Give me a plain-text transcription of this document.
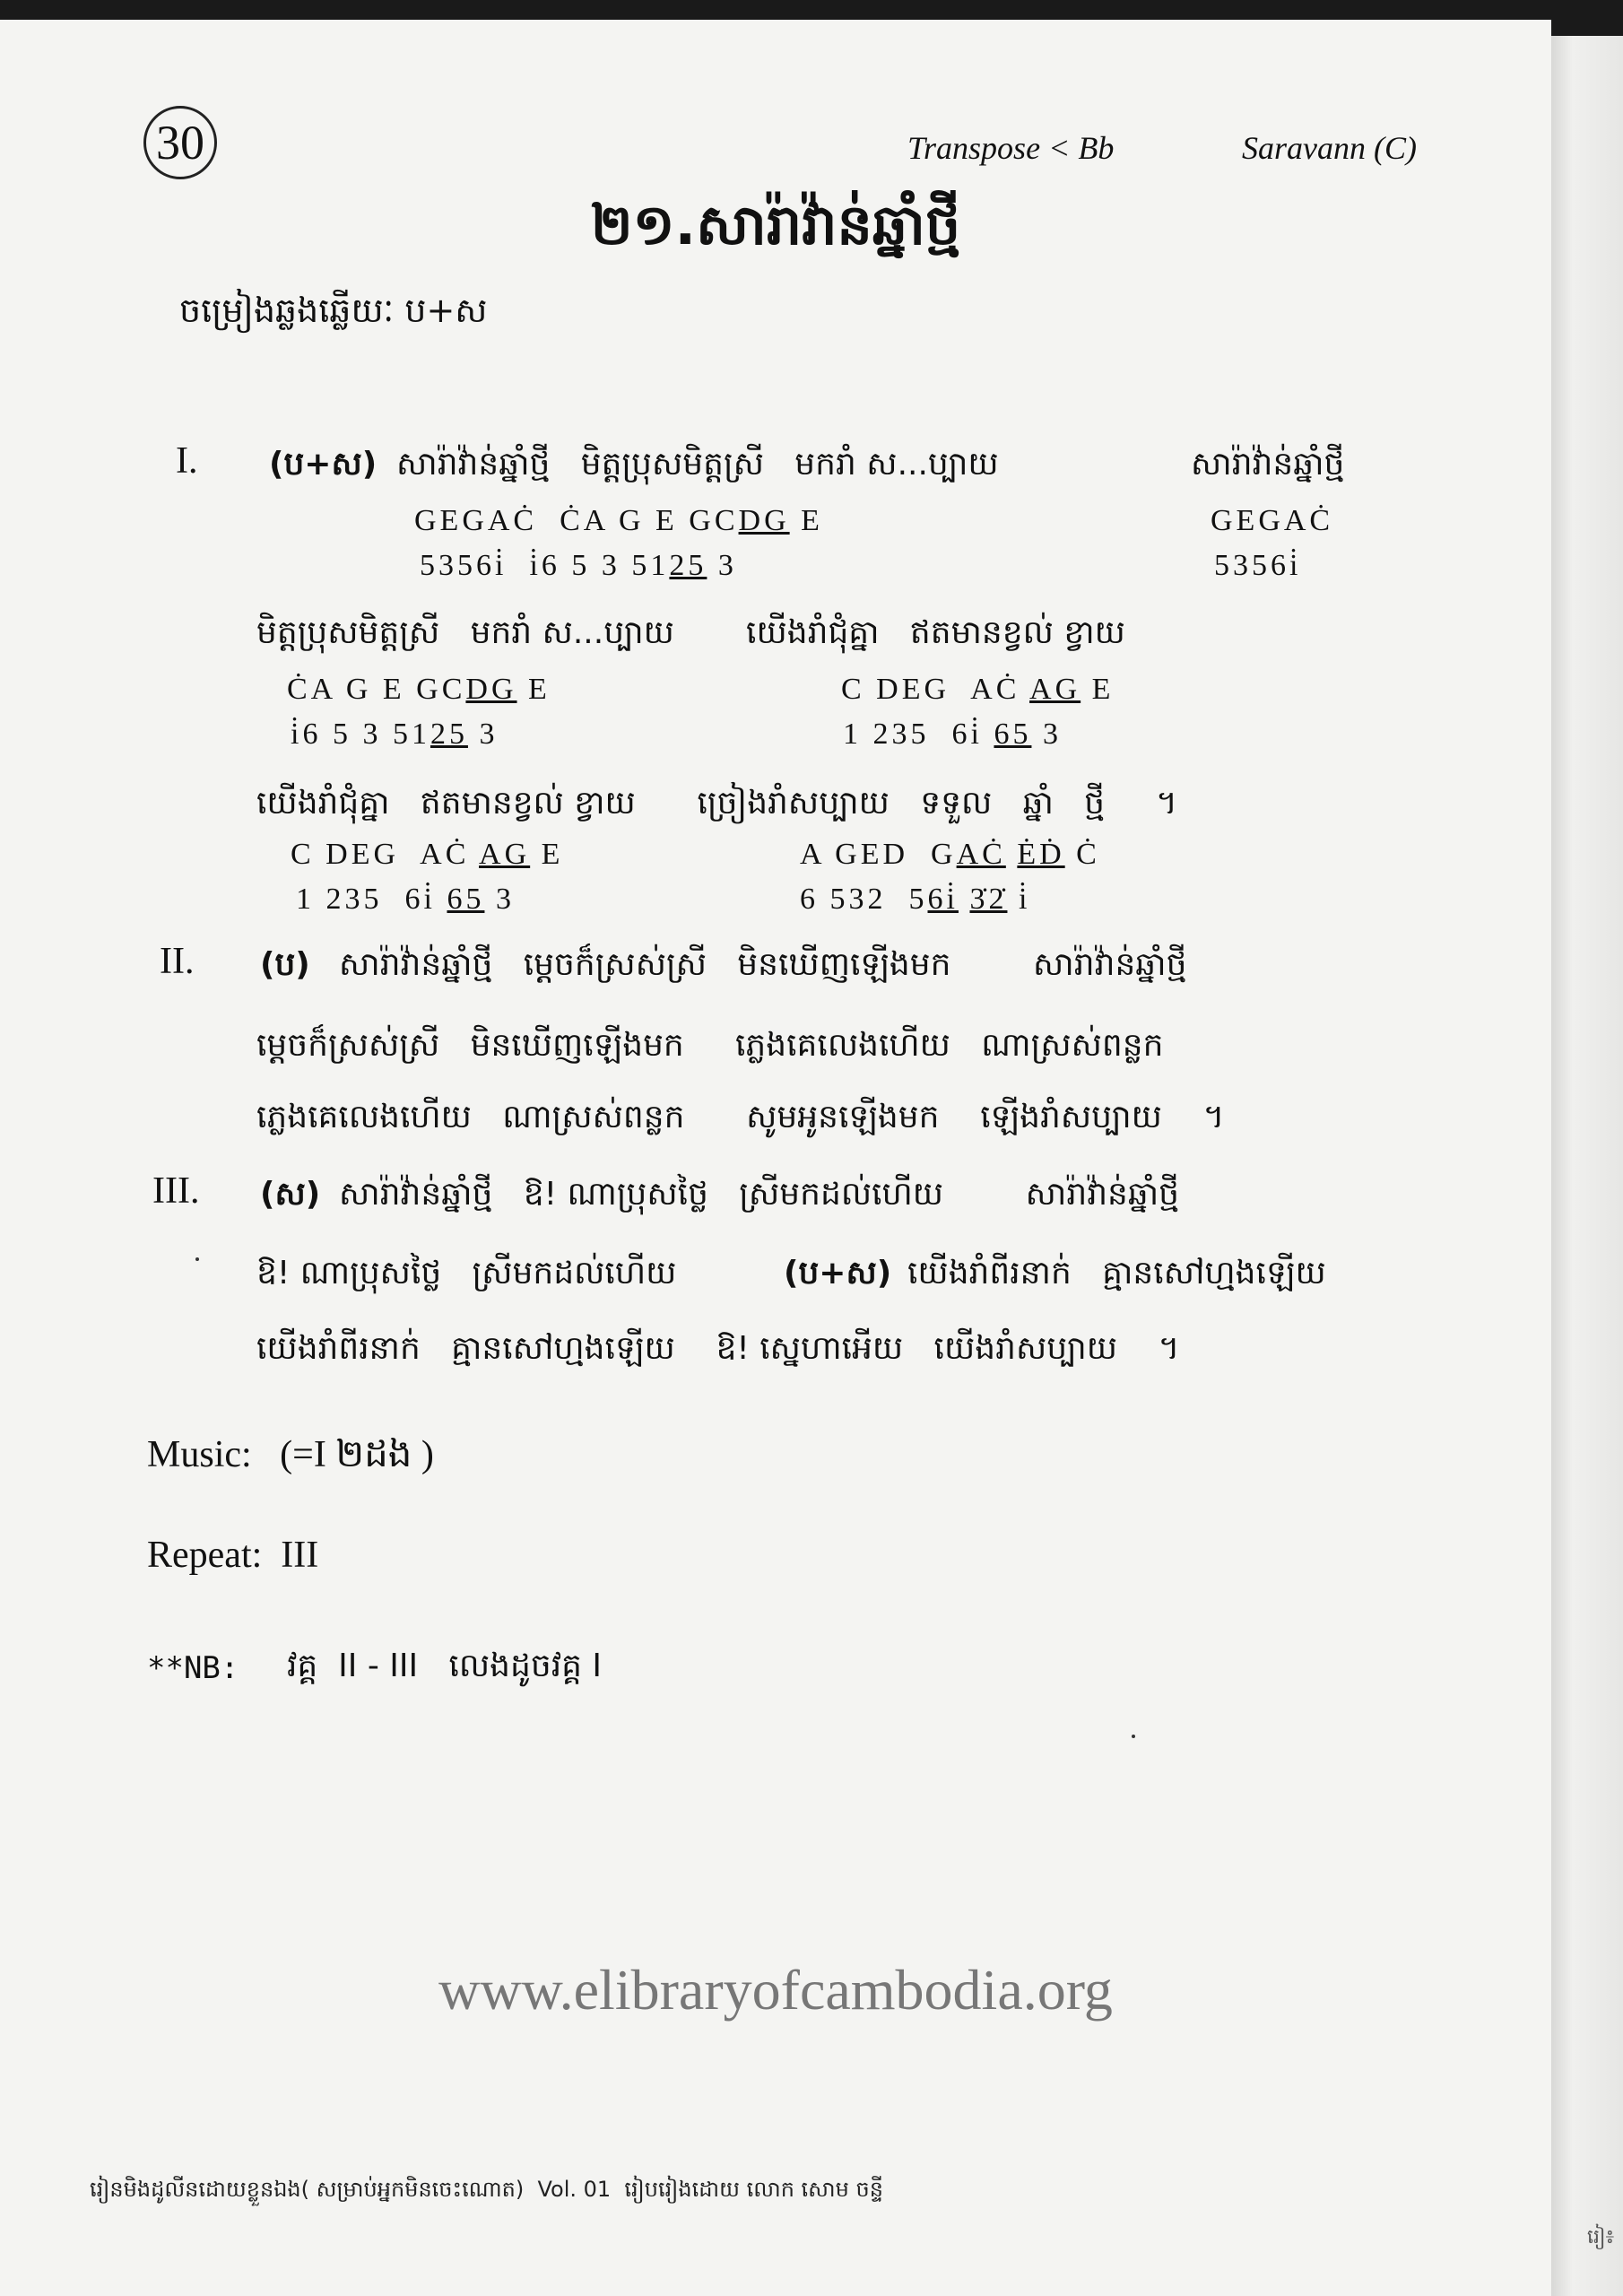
30	Transpose < Bb	Saravann (C)
២១.សារ៉ាវ៉ាន់ឆ្នាំថ្មី
ចម្រៀងឆ្លងឆ្លើយៈ ប+ស
I. (ប+ស) សារ៉ាវ៉ាន់ឆ្នាំថ្មី   មិត្តប្រុសមិត្តស្រី   មករាំ ស...ប្បាយ	សារ៉ាវ៉ាន់ឆ្នាំថ្មី
GEGAĊ  ĊA G E GCDG E	GEGAĊ
5356i̇  i̇6 5 3 5125 3	5356i̇
មិត្តប្រុសមិត្តស្រី   មករាំ ស...ប្បាយ       យើងរាំជុំគ្នា   ឥតមានខ្វល់ ខ្វាយ
ĊA G E GCDG E	C DEG  AĊ AG E
i̇6 5 3 5125 3	1 235  6i̇ 65 3
យើងរាំជុំគ្នា   ឥតមានខ្វល់ ខ្វាយ      ច្រៀងរាំសប្បាយ   ទទួល   ឆ្នាំ   ថ្មី     ។
C DEG  AĊ AG E	A GED  GAĊ ĖḊ Ċ
1 235  6i̇ 65 3	6 532  56i̇ 3̇2̇ i̇
II. (ប) សារ៉ាវ៉ាន់ឆ្នាំថ្មី   ម្ដេចក៏ស្រស់ស្រី   មិនឃើញឡើងមក        សារ៉ាវ៉ាន់ឆ្នាំថ្មី
ម្ដេចក៏ស្រស់ស្រី   មិនឃើញឡើងមក     ភ្លេងគេលេងហើយ   ណាស្រស់ពន្លក
ភ្លេងគេលេងហើយ   ណាស្រស់ពន្លក      សូមអូនឡើងមក    ឡើងរាំសប្បាយ    ។
III. (ស) សារ៉ាវ៉ាន់ឆ្នាំថ្មី   ឱ! ណាប្រុសថ្លៃ   ស្រីមកដល់ហើយ        សារ៉ាវ៉ាន់ឆ្នាំថ្មី
ឱ! ណាប្រុសថ្លៃ   ស្រីមកដល់ហើយ	(ប+ស) យើងរាំពីរនាក់   គ្មានសៅហ្មងឡើយ
យើងរាំពីរនាក់   គ្មានសៅហ្មងឡើយ    ឱ! ស្នេហាអើយ   យើងរាំសប្បាយ    ។
Music:   (=I ២ដង )
Repeat:  III
**NB: វគ្គ  II - III   លេងដូចវគ្គ I
www.elibraryofcambodia.org
រៀនមិងដូលីនដោយខ្លួនឯង( សម្រាប់អ្នកមិនចេះណោត)  Vol. 01  រៀបរៀងដោយ លោក សោម ចន្ទី
រៀ៖
